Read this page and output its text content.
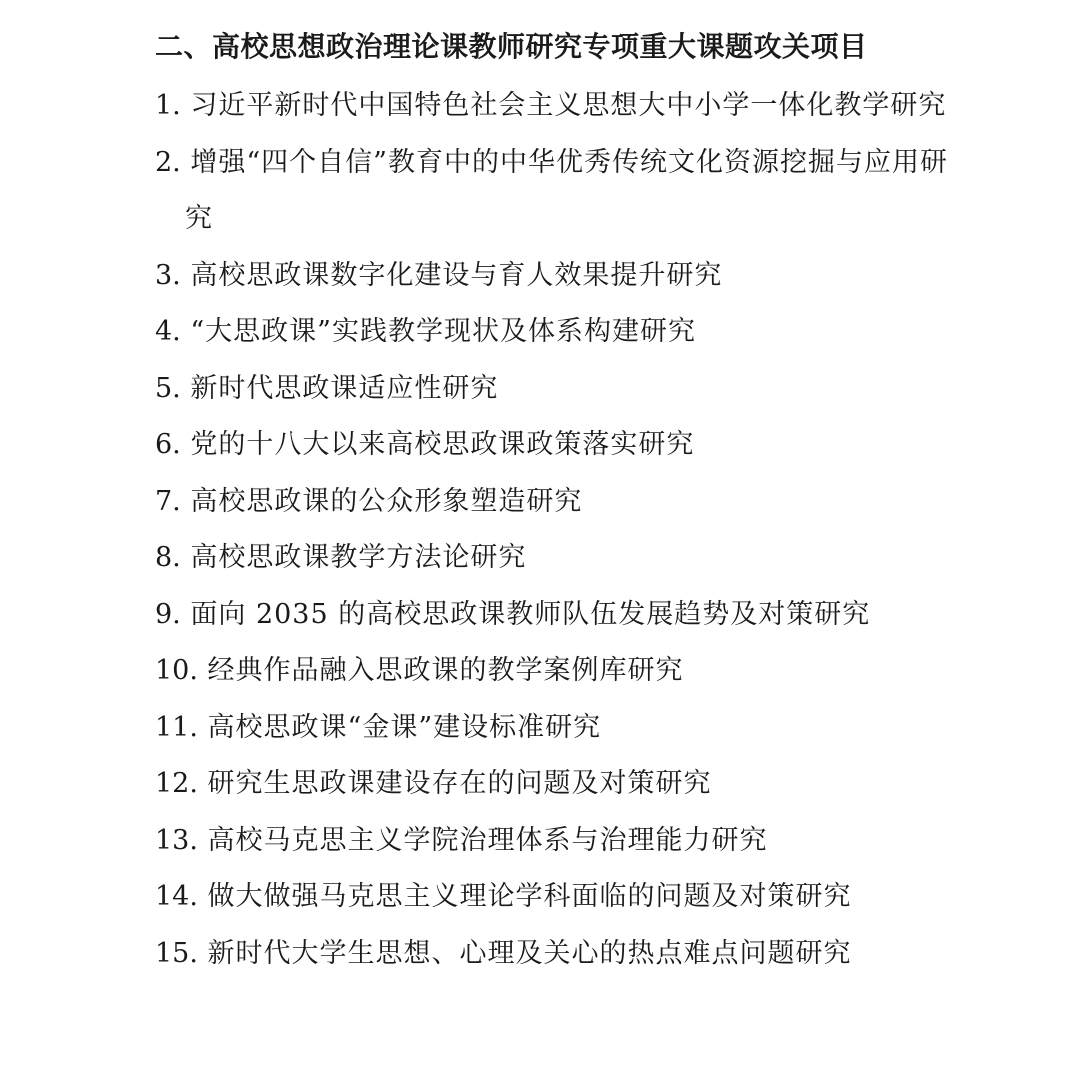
二、高校思想政治理论课教师研究专项重大课题攻关项目
1. 习近平新时代中国特色社会主义思想大中小学一体化教学研究
2. 增强“四个自信”教育中的中华优秀传统文化资源挖掘与应用研究
3. 高校思政课数字化建设与育人效果提升研究
4. “大思政课”实践教学现状及体系构建研究
5. 新时代思政课适应性研究
6. 党的十八大以来高校思政课政策落实研究
7. 高校思政课的公众形象塑造研究
8. 高校思政课教学方法论研究
9. 面向 2035 的高校思政课教师队伍发展趋势及对策研究
10. 经典作品融入思政课的教学案例库研究
11. 高校思政课“金课”建设标准研究
12. 研究生思政课建设存在的问题及对策研究
13. 高校马克思主义学院治理体系与治理能力研究
14. 做大做强马克思主义理论学科面临的问题及对策研究
15. 新时代大学生思想、心理及关心的热点难点问题研究
